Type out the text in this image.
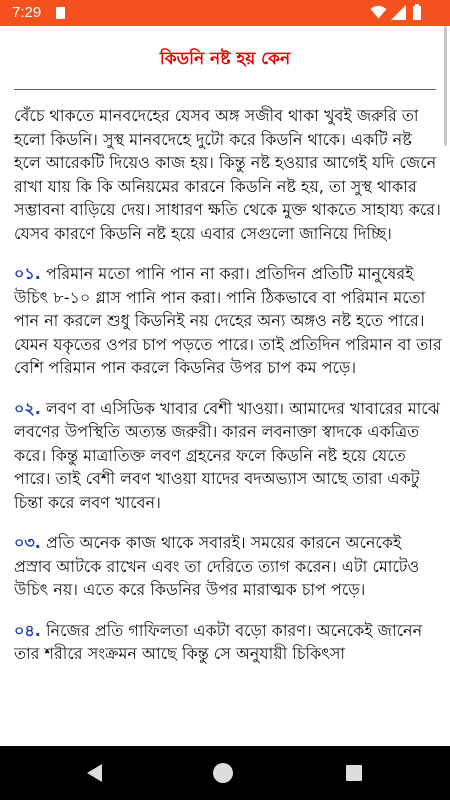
7:29
কিডনি নষ্ট হয় কেন

বেঁচে থাকতে মানবদেহের যেসব অঙ্গ সজীব থাকা খুবই জরুরি তা হলো কিডনি। সুস্থ মানবদেহে দুটো করে কিডনি থাকে। একটি নষ্ট হলে আরেকটি দিয়েও কাজ হয়। কিন্তু নষ্ট হওয়ার আগেই যদি জেনে রাখা যায় কি কি অনিয়মের কারনে কিডনি নষ্ট হয়, তা সুস্থ থাকার সম্ভাবনা বাড়িয়ে দেয়। সাধারণ ক্ষতি থেকে মুক্ত থাকতে সাহায্য করে। যেসব কারণে কিডনি নষ্ট হয়ে এবার সেগুলো জানিয়ে দিচ্ছি।

০১. পরিমান মতো পানি পান না করা। প্রতিদিন প্রতিটি মানুষেরই উচিৎ ৮-১০ গ্লাস পানি পান করা। পানি ঠিকভাবে বা পরিমান মতো পান না করলে শুধু কিডনিই নয় দেহের অন্য অঙ্গও নষ্ট হতে পারে। যেমন যকৃতের ওপর চাপ পড়তে পারে। তাই প্রতিদিন পরিমান বা তার বেশি পরিমান পান করলে কিডনির উপর চাপ কম পড়ে।

০২. লবণ বা এসিডিক খাবার বেশী খাওয়া। আমাদের খাবারের মাঝে লবণের উপস্থিতি অত্যন্ত জরুরী। কারন লবনাক্তা স্বাদকে একত্রিত করে। কিন্তু মাত্রাতিক্ত লবণ গ্রহনের ফলে কিডনি নষ্ট হয়ে যেতে পারে। তাই বেশী লবণ খাওয়া যাদের বদঅভ্যাস আছে তারা একটু চিন্তা করে লবণ খাবেন।

০৩. প্রতি অনেক কাজ থাকে সবারই। সময়ের কারনে অনেকেই প্রস্রাব আটকে রাখেন এবং তা দেরিতে ত্যাগ করেন। এটা মোটেও উচিৎ নয়। এতে করে কিডনির উপর মারাত্মক চাপ পড়ে।

০৪. নিজের প্রতি গাফিলতা একটা বড়ো কারণ। অনেকেই জানেন তার শরীরে সংক্রমন আছে কিন্তু সে অনুযায়ী চিকিৎসা
